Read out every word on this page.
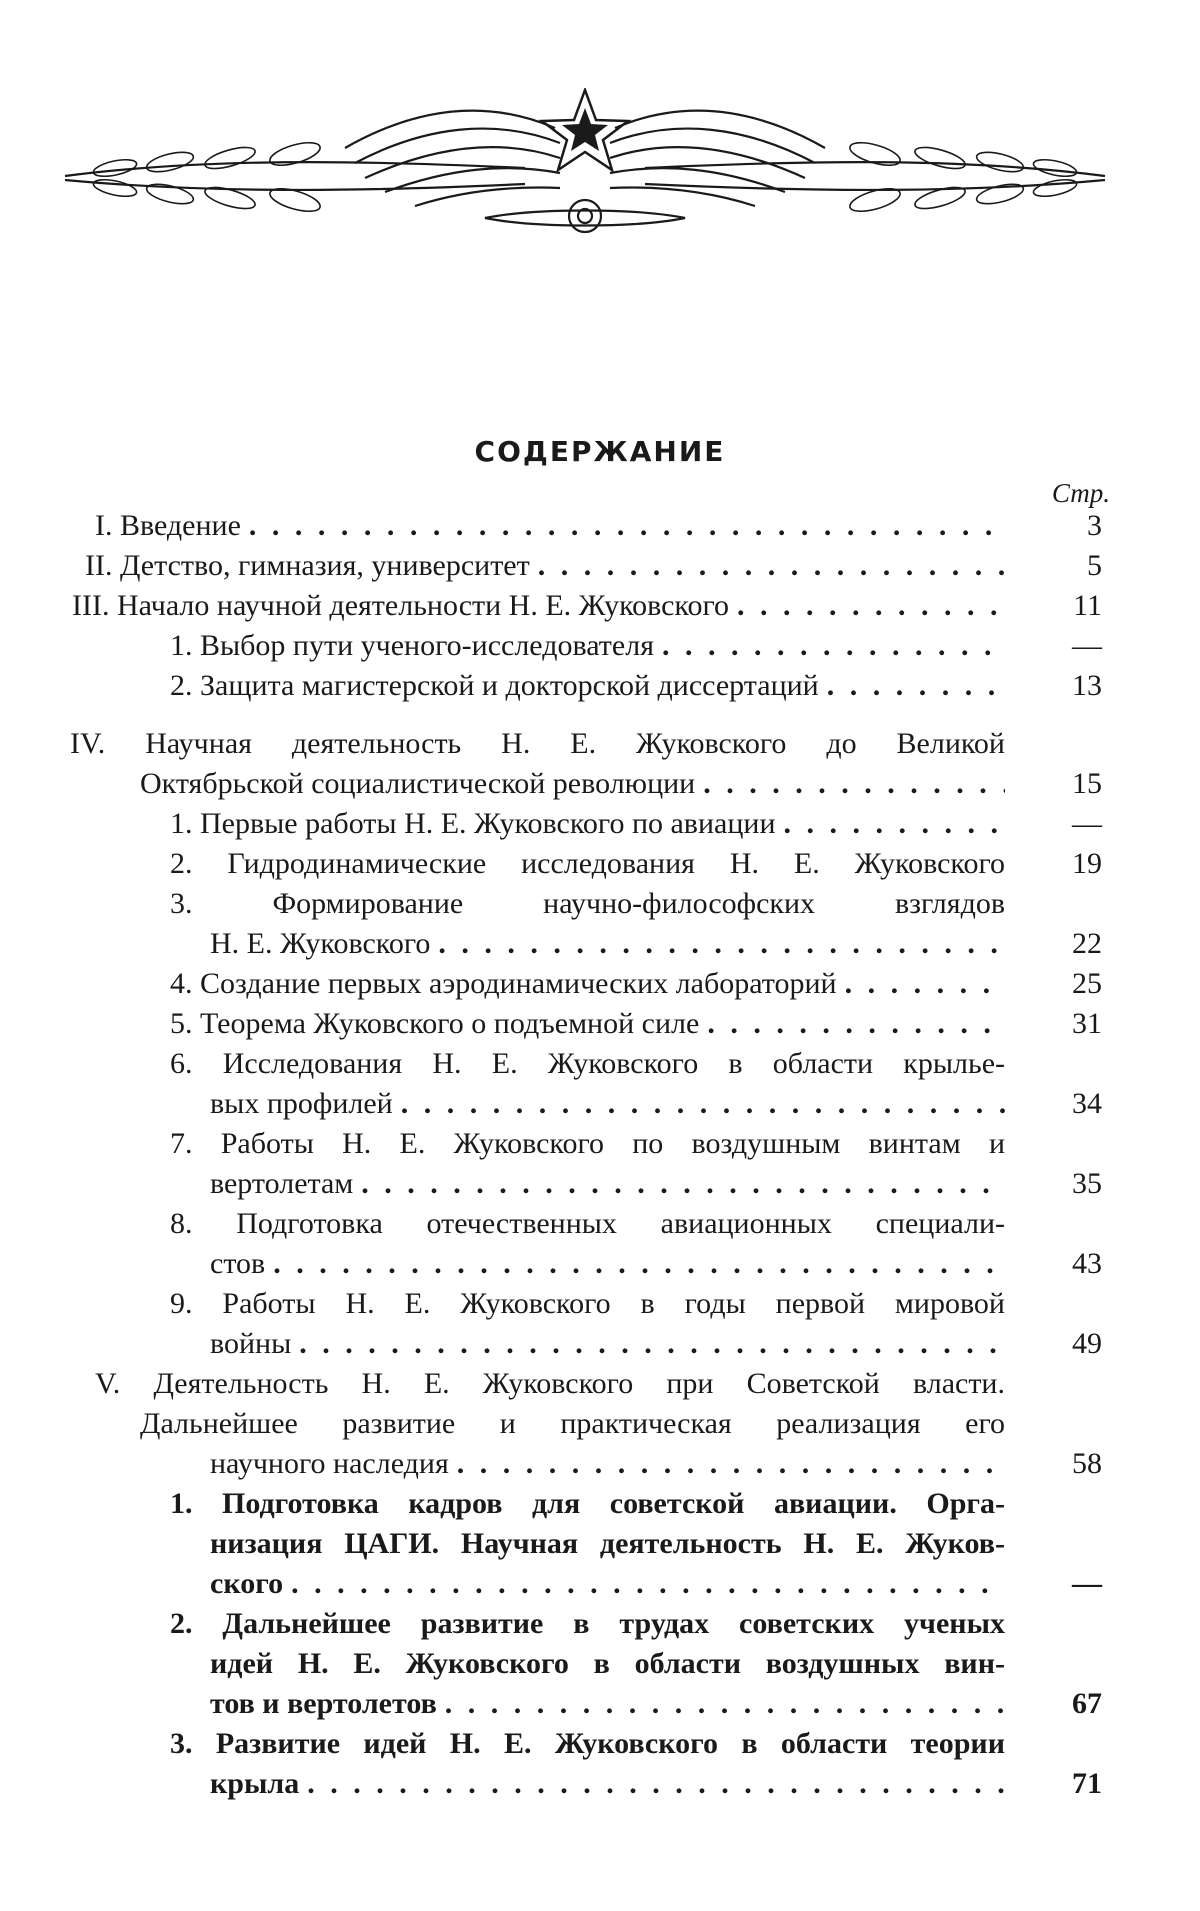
СОДЕРЖАНИЕ
Стр.
I. Введение . . .	3
II. Детство, гимназия, университет . . .	5
III. Начало научной деятельности Н. Е. Жуковского . . .	11
1. Выбор пути ученого-исследователя . . .	—
2. Защита магистерской и докторской диссертаций . . .	13
IV. Научная деятельность Н. Е. Жуковского до Великой
Октябрьской социалистической революции . . .	15
1. Первые работы Н. Е. Жуковского по авиации . . .	—
2. Гидродинамические исследования Н. Е. Жуковского	19
3. Формирование научно-философских взглядов
Н. Е. Жуковского . . .	22
4. Создание первых аэродинамических лабораторий . . .	25
5. Теорема Жуковского о подъемной силе . . .	31
6. Исследования Н. Е. Жуковского в области крылье-
вых профилей . . .	34
7. Работы Н. Е. Жуковского по воздушным винтам и
вертолетам . . .	35
8. Подготовка отечественных авиационных специали-
стов . . .	43
9. Работы Н. Е. Жуковского в годы первой мировой
войны . . .	49
V. Деятельность Н. Е. Жуковского при Советской власти.
Дальнейшее развитие и практическая реализация его
научного наследия . . .	58
1. Подготовка кадров для советской авиации. Орга-
низация ЦАГИ. Научная деятельность Н. Е. Жуков-
ского . . .	—
2. Дальнейшее развитие в трудах советских ученых
идей Н. Е. Жуковского в области воздушных вин-
тов и вертолетов . . .	67
3. Развитие идей Н. Е. Жуковского в области теории
крыла . . .	71
